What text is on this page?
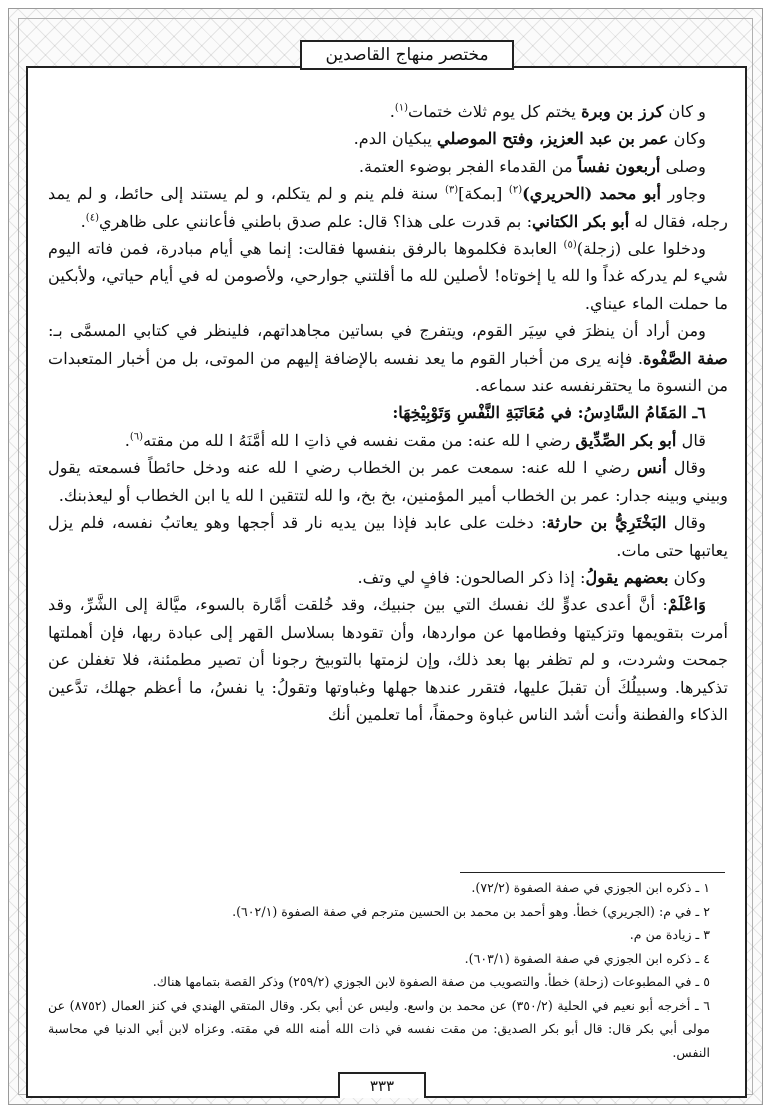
مختصر منهاج القاصدين

و كان كرز بن وبرة يختم كل يوم ثلاث ختمات$^{(١)}$.

وكان عمر بن عبد العزيز، وفتح الموصلي يبكيان الدم.

وصلى أربعون نفساً من القدماء الفجر بوضوء العتمة.

وجاور أبو محمد (الحريري)$^{(٢)}$ [بمكة]$^{(٣)}$ سنة فلم ينم و لم يتكلم، و لم يستند إلى حائط، و لم يمد رجله، فقال له أبو بكر الكتاني: بم قدرت على هذا؟ قال: علم صدق باطني فأعانني على ظاهري$^{(٤)}$.

ودخلوا على (زجلة)$^{(٥)}$ العابدة فكلموها بالرفق بنفسها فقالت: إنما هي أيام مبادرة، فمن فاته اليوم شيء لم يدركه غداً وا لله يا إخوتاه! لأصلين لله ما أقلتني جوارحي، ولأصومن له في أيام حياتي، ولأبكين ما حملت الماء عيناي.

ومن أراد أن ينظرَ في سِيَر القوم، ويتفرج في بساتين مجاهداتهم، فلينظر في كتابي المسمَّى بـ: صفة الصَّفْوة. فإنه يرى من أخبار القوم ما يعد نفسه بالإضافة إليهم من الموتى، بل من أخبار المتعبدات من النسوة ما يحتقرنفسه عند سماعه.

٦ـ المَقَامُ السَّادِسُ: في مُعَاتَبَةِ النَّفْسِ وَتَوْبِيْخِهَا:

قال أبو بكر الصِّدِّيق رضي ا لله عنه: من مقت نفسه في ذاتِ ا لله أمَّنَهُ ا لله من مقته$^{(٦)}$.

وقال أنس رضي ا لله عنه: سمعت عمر بن الخطاب رضي ا لله عنه ودخل حائطاً فسمعته يقول وبيني وبينه جدار: عمر بن الخطاب أمير المؤمنين، بخ بخ، وا لله لتتقين ا لله يا ابن الخطاب أو ليعذبنك.

وقال البَخْتَرِيُّ بن حارثة: دخلت على عابد فإذا بين يديه نار قد أججها وهو يعاتبُ نفسه، فلم يزل يعاتبها حتى مات.

وكان بعضهم يقولُ: إذا ذكر الصالحون: فافٍ لي وتف.

وَاعْلَمْ: أنَّ أعدى عدوٍّ لك نفسك التي بين جنبيك، وقد خُلقت أمَّارة بالسوء، ميَّالة إلى الشَّرِّ، وقد أمرت بتقويمها وتزكيتها وفطامها عن مواردها، وأن تقودها بسلاسل القهر إلى عبادة ربها، فإن أهملتها جمحت وشردت، و لم تظفر بها بعد ذلك، وإن لزمتها بالتوبيخ رجونا أن تصير مطمئنة، فلا تغفلن عن تذكيرها. وسبيلُكَ أن تقبلَ عليها، فتقرر عندها جهلها وغباوتها وتقولُ: يا نفسُ، ما أعظم جهلك، تدَّعين الذكاء والفطنة وأنت أشد الناس غباوة وحمقاً، أما تعلمين أنك

١ ـ ذكره ابن الجوزي في صفة الصفوة (٧٢/٢).

٢ ـ في م: (الجريري) خطأ. وهو أحمد بن محمد بن الحسين مترجم في صفة الصفوة (٦٠٢/١).

٣ ـ زيادة من م.

٤ ـ ذكره ابن الجوزي في صفة الصفوة (٦٠٣/١).

٥ ـ في المطبوعات (زحلة) خطأ. والتصويب من صفة الصفوة لابن الجوزي (٢٥٩/٢) وذكر القصة بتمامها هناك.

٦ ـ أخرجه أبو نعيم في الحلية (٣٥٠/٢) عن محمد بن واسع. وليس عن أبي بكر. وقال المتقي الهندي في كنز العمال (٨٧٥٢) عن مولى أبي بكر قال: قال أبو بكر الصديق: من مقت نفسه في ذات الله أمنه الله في مقته. وعزاه لابن أبي الدنيا في محاسبة النفس.

٣٣٣
